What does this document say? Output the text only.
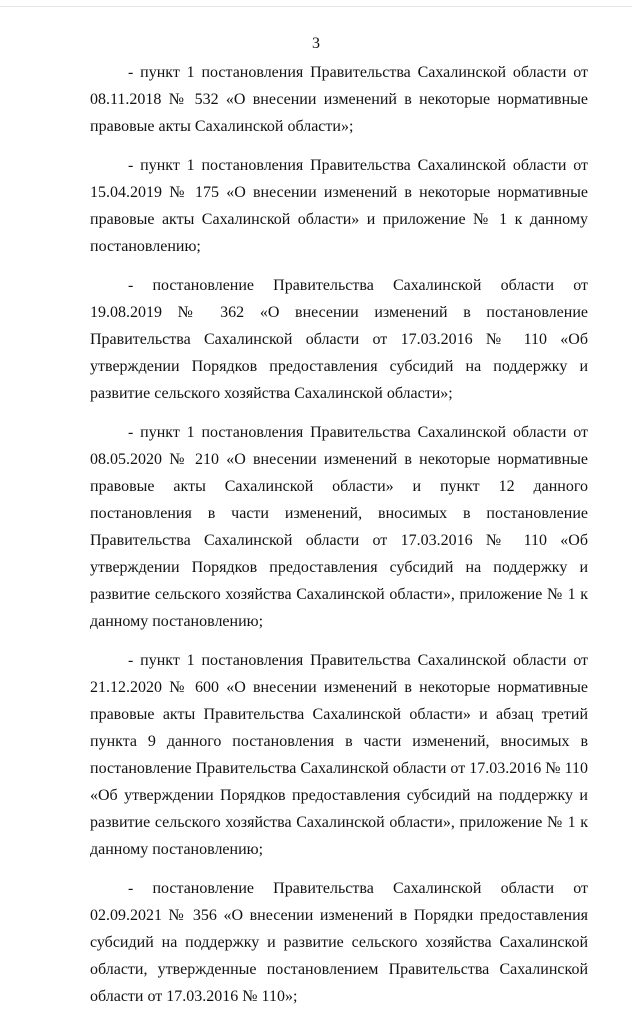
3

- пункт 1 постановления Правительства Сахалинской области от 08.11.2018 № 532 «О внесении изменений в некоторые нормативные правовые акты Сахалинской области»;

- пункт 1 постановления Правительства Сахалинской области от 15.04.2019 № 175 «О внесении изменений в некоторые нормативные правовые акты Сахалинской области» и приложение № 1 к данному постановлению;

- постановление Правительства Сахалинской области от 19.08.2019 № 362 «О внесении изменений в постановление Правительства Сахалинской области от 17.03.2016 № 110 «Об утверждении Порядков предоставления субсидий на поддержку и развитие сельского хозяйства Сахалинской области»;

- пункт 1 постановления Правительства Сахалинской области от 08.05.2020 № 210 «О внесении изменений в некоторые нормативные правовые акты Сахалинской области» и пункт 12 данного постановления в части изменений, вносимых в постановление Правительства Сахалинской области от 17.03.2016 № 110 «Об утверждении Порядков предоставления субсидий на поддержку и развитие сельского хозяйства Сахалинской области», приложение № 1 к данному постановлению;

- пункт 1 постановления Правительства Сахалинской области от 21.12.2020 № 600 «О внесении изменений в некоторые нормативные правовые акты Правительства Сахалинской области» и абзац третий пункта 9 данного постановления в части изменений, вносимых в постановление Правительства Сахалинской области от 17.03.2016 № 110 «Об утверждении Порядков предоставления субсидий на поддержку и развитие сельского хозяйства Сахалинской области», приложение № 1 к данному постановлению;

- постановление Правительства Сахалинской области от 02.09.2021 № 356 «О внесении изменений в Порядки предоставления субсидий на поддержку и развитие сельского хозяйства Сахалинской области, утвержденные постановлением Правительства Сахалинской области от 17.03.2016 № 110»;
